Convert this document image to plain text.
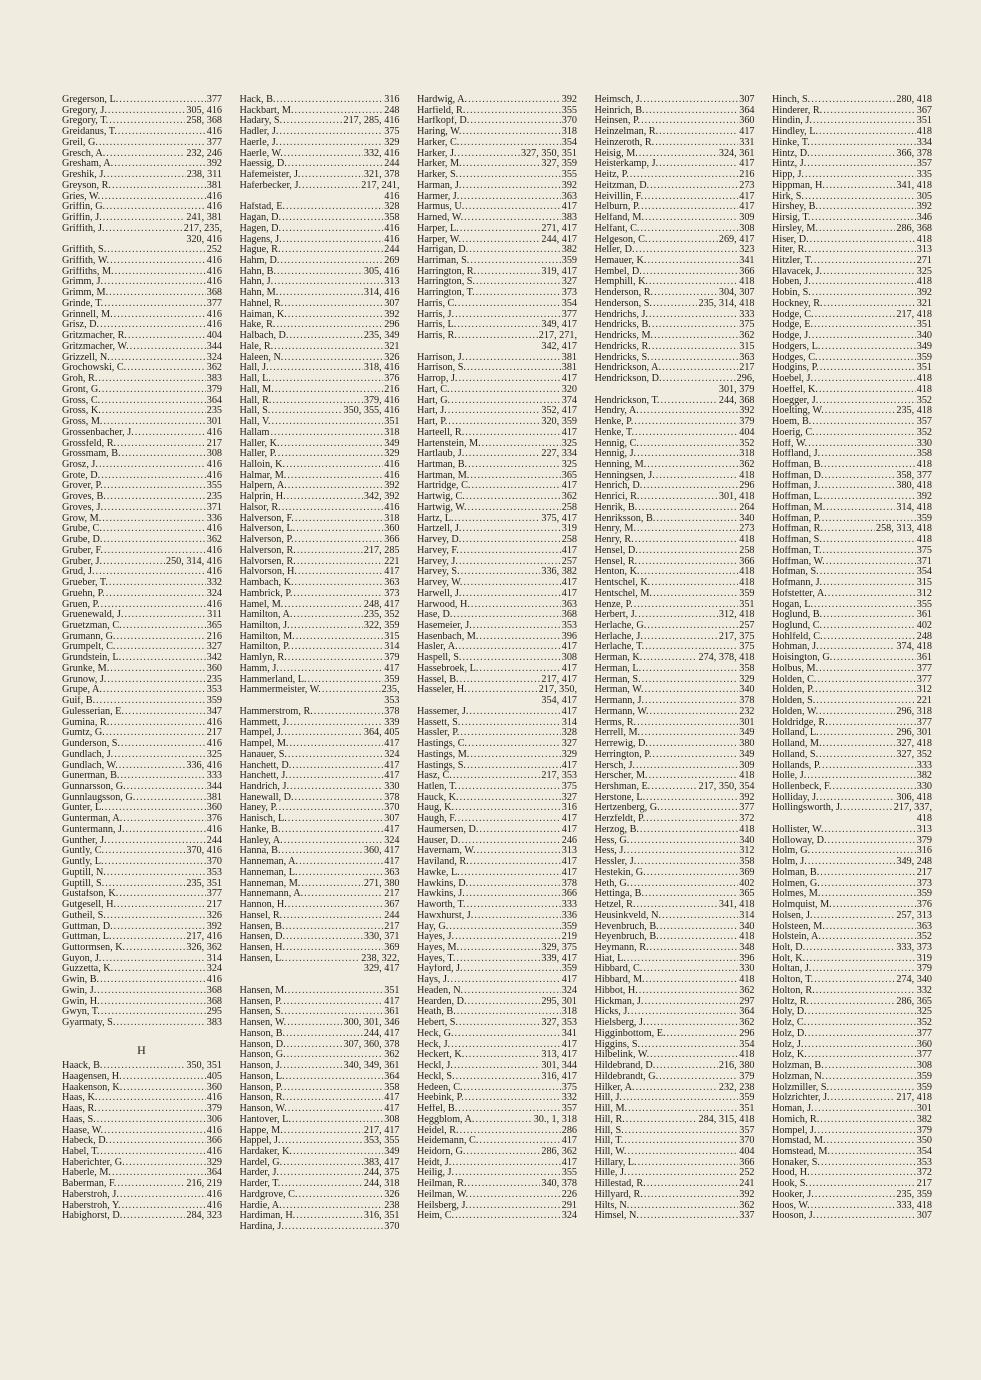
Gregerson, L.
.....	377
Gregory, J.
.....	305, 416
Gregory, T.
.....	258, 368
Greidanus, T.
.....	416
Greil, G.
.....	377
Gresch, A.
.....	232, 246
Gresham, A.
.....	392
Greshik, J.
.....	238, 311
Greyson, R.
.....	381
Gries, W.
.....	416
Griffin, G.
.....	416
Griffin, J.
.....	241, 381
Griffith, J.
.....	217, 235,
320, 416
Griffith, S.
.....	252
Griffith, W.
.....	416
Griffiths, M.
.....	416
Grimm, J.
.....	416
Grimm, M.
.....	368
Grinde, T.
.....	377
Grinnell, M.
.....	416
Grisz, D.
.....	416
Gritzmacher, R.
.....	404
Gritzmacher, W.
.....	344
Grizzell, N.
.....	324
Grochowski, C.
.....	362
Groh, R.
.....	383
Gront, G.
.....	379
Gross, C.
.....	364
Gross, K.
.....	235
Gross, M.
.....	301
Grossenbacher, J.
.....	416
Grossfeld, R.
.....	217
Grossmam, B.
.....	308
Grosz, J.
.....	416
Grote, D.
.....	416
Grover, P.
.....	355
Groves, B.
.....	235
Groves, J.
.....	371
Grow, M.
.....	336
Grube, C.
.....	416
Grube, D.
.....	362
Gruber, F.
.....	416
Gruber, J.
.....	250, 314, 416
Grud, J.
.....	416
Grueber, T.
.....	332
Gruehn, P.
.....	324
Gruen, P.
.....	416
Gruenewald, J.
.....	311
Gruetzman, C.
.....	365
Grumann, G.
.....	216
Grumpelt, C.
.....	327
Grundstein, L.
.....	342
Grunke, M.
.....	360
Grunow, J.
.....	235
Grupe, A.
.....	353
Guif, B.
.....	359
Gulesserian, E.
.....	347
Gumina, R.
.....	416
Gumtz, G.
.....	217
Gunderson, S.
.....	416
Gundlach, J.
.....	325
Gundlach, W.
.....	336, 416
Gunerman, B.
.....	333
Gunnarsson, G.
.....	344
Gunnlaugsson, G.
.....	381
Gunter, L.
.....	360
Gunterman, A.
.....	376
Guntermann, J.
.....	416
Gunther, J.
.....	244
Guntly, C.
.....	370, 416
Guntly, L.
.....	370
Guptill, N.
.....	353
Guptill, S.
.....	235, 351
Gustafson, K.
.....	377
Gutgesell, H.
.....	217
Gutheil, S.
.....	326
Guttman, D.
.....	392
Guttman, L.
.....	217, 416
Guttormsen, K.
.....	326, 362
Guyon, J.
.....	314
Guzzetta, K.
.....	324
Gwin, B.
.....	416
Gwin, J.
.....	368
Gwin, H.
.....	368
Gwyn, T.
.....	295
Gyarmaty, S.
.....	383
H
Haack, B.
.....	350, 351
Haagensen, H.
.....	405
Haakenson, K.
.....	360
Haas, K.
.....	416
Haas, R.
.....	379
Haas, S.
.....	306
Haase, W.
.....	416
Habeck, D.
.....	366
Habel, T.
.....	416
Haberichter, G.
.....	329
Haberle, M.
.....	364
Baberman, F.
.....	216, 219
Haberstroh, J.
.....	416
Haberstroh, Y.
.....	416
Habighorst, D.
.....	284, 323
Hack, B.
.....	316
Hackbart, M.
.....	248
Hadary, S.
.....	217, 285, 416
Hadler, J.
.....	375
Haerle, J.
.....	329
Haerle, W.
.....	332, 416
Haessig, D.
.....	244
Hafemeister, J.
.....	321, 378
Haferbecker, J.
.....	217, 241,
416
Hafstad, E.
.....	328
Hagan, D.
.....	358
Hagen, D.
.....	416
Hagens, J.
.....	416
Hague, R.
.....	244
Hahm, D.
.....	269
Hahn, B.
.....	305, 416
Hahn, J.
.....	313
Hahn, M.
.....	314, 416
Hahnel, R.
.....	307
Haiman, K.
.....	392
Hake, R.
.....	296
Halbach, D.
.....	235, 349
Hale, R.
.....	321
Haleen, N.
.....	326
Hall, J.
.....	318, 416
Hall, L.
.....	376
Hall, M.
.....	216
Hall, R.
.....	379, 416
Hall, S.
.....	350, 355, 416
Hall, V.
.....	351
Hallam
.....	318
Haller, K.
.....	349
Haller, P.
.....	329
Halloin, K.
.....	416
Halmar, M.
.....	416
Halpern, A.
.....	392
Halprin, H.
.....	342, 392
Halsor, R.
.....	416
Halverson, F.
.....	318
Halverson, L.
.....	360
Halverson, P.
.....	366
Halverson, R.
.....	217, 285
Halvorsen, R.
.....	221
Halvorson, H.
.....	417
Hambach, K.
.....	363
Hambrick, P.
.....	373
Hamel, M.
.....	248, 417
Hamilton, A.
.....	235, 352
Hamilton, J.
.....	322, 359
Hamilton, M.
.....	315
Hamilton, P.
.....	314
Hamlyn, R.
.....	379
Hamm, J.
.....	417
Hammerland, L.
.....	359
Hammermeister, W.
.....	235,
353
Hammerstrom, R.
.....	378
Hammett, J.
.....	339
Hampel, J.
.....	364, 405
Hampel, M.
.....	417
Hanauer, S.
.....	324
Hanchett, D.
.....	417
Hanchett, J.
.....	417
Handrich, J.
.....	330
Hanewall, D.
.....	378
Haney, P.
.....	370
Hanisch, L.
.....	307
Hanke, B.
.....	417
Hanley, A.
.....	324
Hanna, B.
.....	360, 417
Hanneman, A.
.....	417
Hanneman, L.
.....	363
Hanneman, M.
.....	271, 380
Hannemann, A.
.....	217
Hannon, H.
.....	367
Hansel, R.
.....	244
Hansen, B.
.....	217
Hansen, D.
.....	330, 371
Hansen, H.
.....	369
Hansen, L.
.....	238, 322,
329, 417
Hansen, M.
.....	351
Hansen, P.
.....	417
Hansen, S.
.....	361
Hansen, W.
.....	300, 301, 346
Hanson, B.
.....	244, 417
Hanson, D.
.....	307, 360, 378
Hanson, G.
.....	362
Hanson, J.
.....	340, 349, 361
Hanson, L.
.....	364
Hanson, P.
.....	358
Hanson, R.
.....	417
Hanson, W.
.....	417
Hantover, L.
.....	308
Happe, M.
.....	217, 417
Happel, J.
.....	353, 355
Hardaker, K.
.....	349
Hardel, G.
.....	383, 417
Harder, J.
.....	244, 375
Harder, T.
.....	244, 318
Hardgrove, C.
.....	326
Hardie, A.
.....	238
Hardiman, H.
.....	316, 351
Hardina, J.
.....	370
Hardwig, A.
.....	392
Harfield, R.
.....	355
Harfkopf, D.
.....	370
Haring, W.
.....	318
Harker, C.
.....	354
Harker, J.
.....	327, 350, 351
Harker, M.
.....	327, 359
Harker, S.
.....	355
Harman, J.
.....	392
Harmer, J.
.....	363
Harmus, U.
.....	417
Harned, W.
.....	383
Harper, L.
.....	271, 417
Harper, W.
.....	244, 417
Harrigan, D.
.....	382
Harriman, S.
.....	359
Harrington, R.
.....	319, 417
Harrington, S.
.....	327
Harrington, T.
.....	373
Harris, C.
.....	354
Harris, J.
.....	377
Harris, L.
.....	349, 417
Harris, R.
.....	217, 271,
342, 417
Harrison, J.
.....	381
Harrison, S.
.....	381
Harrop, J.
.....	417
Hart, C.
.....	320
Hart, G.
.....	374
Hart, J.
.....	352, 417
Hart, P.
.....	320, 359
Harteell, R.
.....	417
Hartenstein, M.
.....	325
Hartlaub, J.
.....	227, 334
Hartman, B.
.....	325
Hartman, M.
.....	365
Hartridge, C.
.....	417
Hartwig, C.
.....	362
Hartwig, W.
.....	258
Hartz, L.
.....	375, 417
Hartzell, J.
.....	319
Harvey, D.
.....	258
Harvey, F.
.....	417
Harvey, J.
.....	257
Harvey, S.
.....	336, 382
Harvey, W.
.....	417
Harwell, J.
.....	417
Harwood, H.
.....	363
Hase, D.
.....	368
Hasemeier, J.
.....	353
Hasenbach, M.
.....	396
Hasler, A.
.....	417
Haspell, S.
.....	308
Hassebroek, L.
.....	417
Hassel, B.
.....	217, 417
Hasseler, H.
.....	217, 350,
354, 417
Hassemer, J.
.....	417
Hassett, S.
.....	314
Hassler, P.
.....	328
Hastings, C.
.....	327
Hastings, M.
.....	329
Hastings, S.
.....	417
Hasz, C.
.....	217, 353
Hatlen, T.
.....	375
Hauck, K.
.....	327
Haug, K.
.....	316
Haugh, F.
.....	417
Haumersen, D.
.....	417
Hauser, D.
.....	246
Havernam, W.
.....	313
Haviland, R.
.....	417
Hawke, L.
.....	417
Hawkins, D.
.....	378
Hawkins, J.
.....	366
Haworth, T.
.....	333
Hawxhurst, J.
.....	336
Hay, G.
.....	359
Hayes, J.
.....	219
Hayes, M.
.....	329, 375
Hayes, T.
.....	339, 417
Hayford, J.
.....	359
Hays, J.
.....	417
Headen, N.
.....	324
Hearden, D.
.....	295, 301
Heath, B.
.....	318
Hebert, S.
.....	327, 353
Heck, G.
.....	341
Heck, J.
.....	417
Heckert, K.
.....	313, 417
Heckl, J.
.....	301, 344
Heckl, S.
.....	316, 417
Hedeen, C.
.....	375
Heebink, P.
.....	332
Heffel, B.
.....	357
Heggblom, A.
.....	30., 1, 318
Heidel, R.
.....	286
Heidemann, C.
.....	417
Heidorn, G.
.....	286, 362
Heidt, J.
.....	417
Heilig, J.
.....	355
Heilman, R.
.....	340, 378
Heilman, W.
.....	226
Heilsberg, J.
.....	291
Heim, C.
.....	324
Heimsch, J.
.....	307
Heinrich, B.
.....	364
Heinsen, P.
.....	360
Heinzelman, R.
.....	417
Heinzeroth, R.
.....	331
Heisig, M.
.....	324, 361
Heisterkamp, J.
.....	417
Heitz, P.
.....	216
Heitzman, D.
.....	273
Heivillin, F.
.....	417
Helburn, P.
.....	417
Helfand, M.
.....	309
Helfant, C.
.....	308
Helgeson, C.
.....	269, 417
Heller, D.
.....	323
Hemauer, K.
.....	341
Hembel, D.
.....	366
Hemphill, K.
.....	418
Henderson, R.
.....	304, 307
Henderson, S.
.....	235, 314, 418
Hendrichs, J.
.....	333
Hendricks, B.
.....	375
Hendricks, M.
.....	362
Hendricks, R.
.....	315
Hendricks, S.
.....	363
Hendrickson, A.
.....	217
Hendrickson, D.
.....	296,
301, 379
Hendrickson, T.
.....	244, 368
Hendry, A.
.....	392
Henke, P.
.....	379
Henke, T.
.....	404
Hennig, C.
.....	352
Hennig, J.
.....	318
Henning, M.
.....	362
Henningsen, J.
.....	418
Henrich, D.
.....	296
Henrici, R.
.....	301, 418
Henrik, B.
.....	264
Henriksson, B.
.....	340
Henry, M.
.....	273
Henry, R.
.....	418
Hensel, D.
.....	258
Hensel, R.
.....	366
Henton, K.
.....	418
Hentschel, K.
.....	418
Hentschel, M.
.....	359
Henze, P.
.....	351
Herbert, J.
.....	312, 418
Herlache, G.
.....	257
Herlache, J.
.....	217, 375
Herlache, T.
.....	375
Herman, K.
.....	274, 378, 418
Herman, L.
.....	358
Herman, S.
.....	329
Herman, W.
.....	340
Hermann, J.
.....	378
Hermann, W.
.....	232
Herms, R.
.....	301
Herrell, M.
.....	349
Herrewig, D.
.....	380
Herrington, P.
.....	349
Hersch, J.
.....	309
Herscher, M.
.....	418
Hershman, E.
.....	217, 350, 354
Herstone, L.
.....	392
Hertzenberg, G.
.....	377
Herzfeldt, P.
.....	372
Herzog, B.
.....	418
Hess, G.
.....	340
Hess, J.
.....	312
Hessler, J.
.....	358
Hestekin, G.
.....	369
Heth, G.
.....	402
Hettinga, B.
.....	365
Hetzel, R.
.....	341, 418
Heusinkveld, N.
.....	314
Hevenbruch, B.
.....	340
Heyenbruch, B.
.....	418
Heymann, R.
.....	348
Hiat, L.
.....	396
Hibbard, C.
.....	330
Hibbard, M.
.....	418
Hibbot, H.
.....	362
Hickman, J.
.....	297
Hicks, J.
.....	364
Hielsberg, J.
.....	362
Higginbottom, E.
.....	296
Higgins, S.
.....	354
Hilbelink, W.
.....	418
Hildebrand, D.
.....	216, 380
Hildebrandt, G.
.....	379
Hilker, A.
.....	232, 238
Hill, J.
.....	359
Hill, M.
.....	351
Hill, R.
.....	284, 315, 418
Hill, S.
.....	357
Hill, T.
.....	370
Hill, W.
.....	404
Hillary, L.
.....	366
Hille, J.
.....	252
Hillestad, R.
.....	241
Hillyard, R.
.....	392
Hilts, N.
.....	362
Himsel, N.
.....	337
Hinch, S.
.....	280, 418
Hinderer, R.
.....	367
Hindin, J.
.....	351
Hindley, L.
.....	418
Hinke, T.
.....	334
Hintz, D.
.....	366, 378
Hintz, J.
.....	357
Hipp, J.
.....	335
Hippman, H.
.....	341, 418
Hirk, S.
.....	305
Hirshey, B.
.....	392
Hirsig, T.
.....	346
Hirsley, M.
.....	286, 368
Hiser, D.
.....	418
Hiter, R.
.....	313
Hitzler, T.
.....	271
Hlavacek, J.
.....	325
Hoben, J.
.....	418
Hobin, S.
.....	392
Hockney, R.
.....	321
Hodge, C.
.....	217, 418
Hodge, E.
.....	351
Hodge, J.
.....	340
Hodgers, L.
.....	349
Hodges, C.
.....	359
Hodgins, P.
.....	351
Hoebel, J.
.....	418
Hoeffel, K.
.....	418
Hoegger, J.
.....	352
Hoelting, W.
.....	235, 418
Hoem, B.
.....	357
Hoerig, C.
.....	352
Hoff, W.
.....	330
Hoffland, J.
.....	358
Hoffman, B.
.....	418
Hoffman, D.
.....	358, 377
Hoffman, J.
.....	380, 418
Hoffman, L.
.....	392
Hoffman, M.
.....	314, 418
Hoffman, P.
.....	359
Hoffman, R.
.....	258, 313, 418
Hoffman, S.
.....	418
Hoffman, T.
.....	375
Hoffman, W.
.....	371
Hofman, S.
.....	354
Hofmann, J.
.....	315
Hofstetter, A.
.....	312
Hogan, L.
.....	355
Hoglund, B.
.....	361
Hoglund, C.
.....	402
Hohlfeld, C.
.....	248
Hohman, J.
.....	374, 418
Hoisington, G.
.....	361
Holbus, M.
.....	377
Holden, C.
.....	377
Holden, P.
.....	312
Holden, S.
.....	221
Holden, W.
.....	296, 318
Holdridge, R.
.....	377
Holland, L.
.....	296, 301
Holland, M.
.....	327, 418
Holland, S.
.....	327, 352
Hollands, P.
.....	333
Holle, J.
.....	382
Hollenbeck, F.
.....	330
Holliday, J.
.....	306, 418
Hollingsworth, J.
.....	217, 337,
418
Hollister, W.
.....	313
Holloway, D.
.....	379
Holm, G.
.....	316
Holm, J.
.....	349, 248
Holman, B.
.....	217
Holmen, G.
.....	373
Holmes, M.
.....	359
Holmquist, M.
.....	376
Holsen, J.
.....	257, 313
Holsteen, M.
.....	363
Holstein, A.
.....	352
Holt, D.
.....	333, 373
Holt, K.
.....	319
Holtan, J.
.....	379
Holton, T.
.....	274, 340
Holton, R.
.....	332
Holtz, R.
.....	286, 365
Holy, D.
.....	325
Holz, C.
.....	352
Holz, D.
.....	377
Holz, J.
.....	360
Holz, K.
.....	377
Holzman, B.
.....	308
Holzman, N.
.....	359
Holzmiller, S.
.....	359
Holzrichter, J.
.....	217, 418
Homan, J.
.....	301
Homich, R.
.....	382
Hompel, J.
.....	379
Homstad, M.
.....	350
Homstead, M.
.....	354
Honaker, S.
.....	353
Hood, H.
.....	372
Hook, S.
.....	217
Hooker, J.
.....	235, 359
Hoos, W.
.....	333, 418
Hooson, J.
.....	307
